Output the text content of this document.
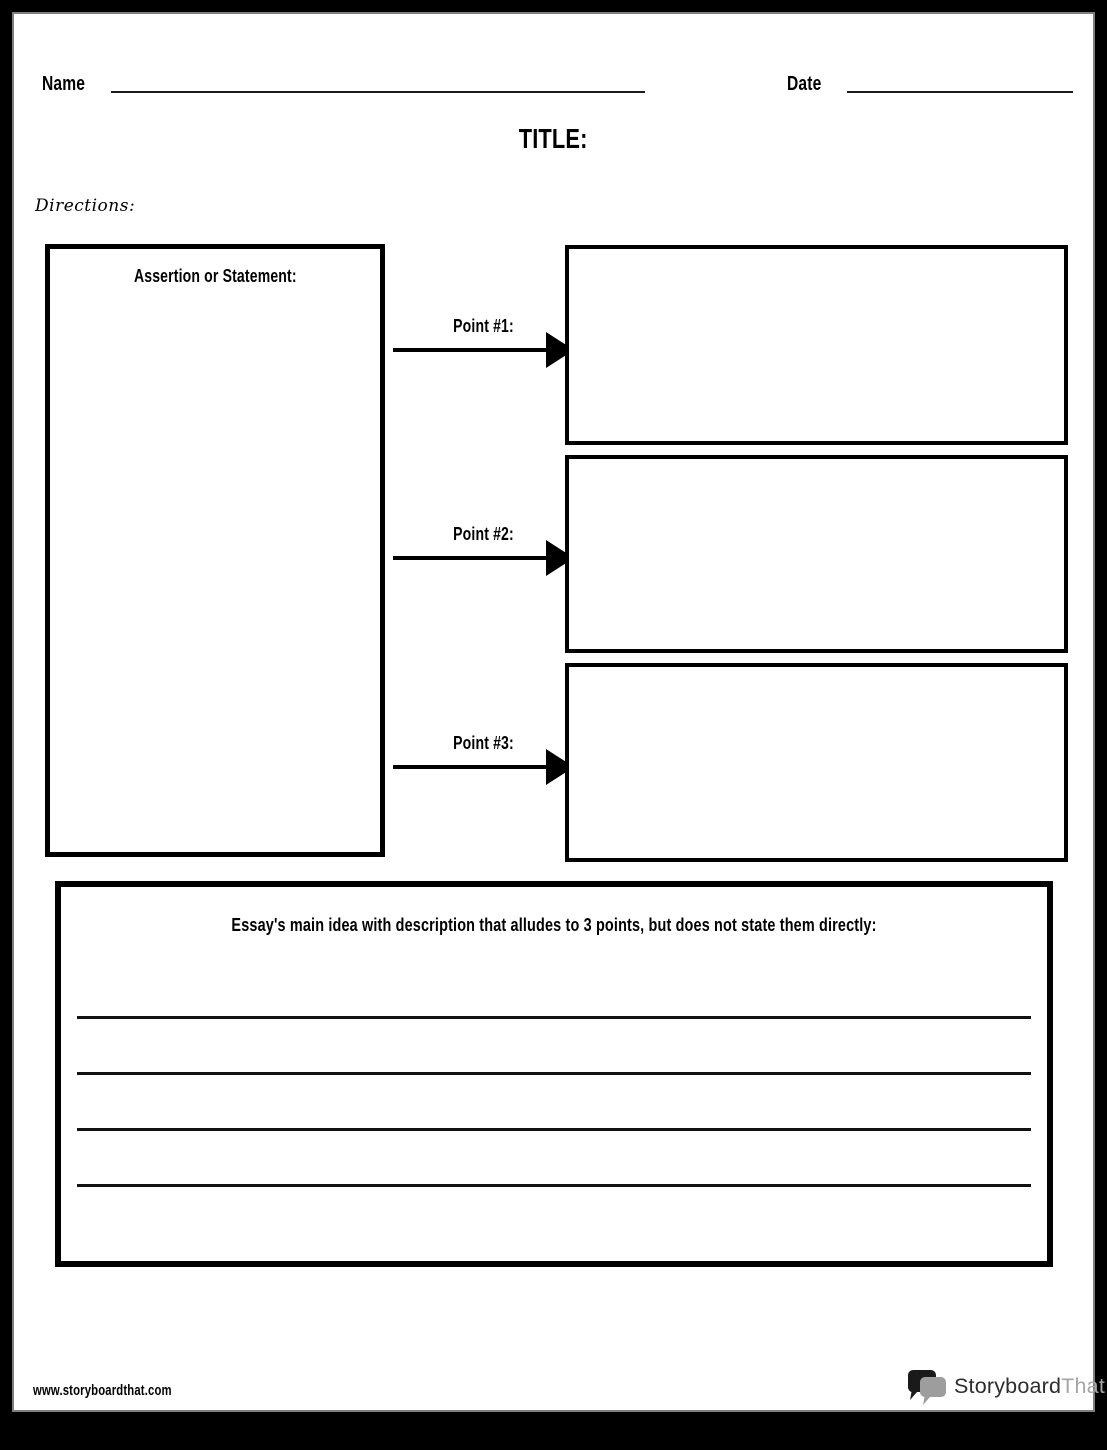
Name	Date
TITLE:
Directions:
Assertion or Statement:
Point #1:
Point #2:
Point #3:
Essay's main idea with description that alludes to 3 points, but does not state them directly:
www.storyboardthat.com	StoryboardThat
